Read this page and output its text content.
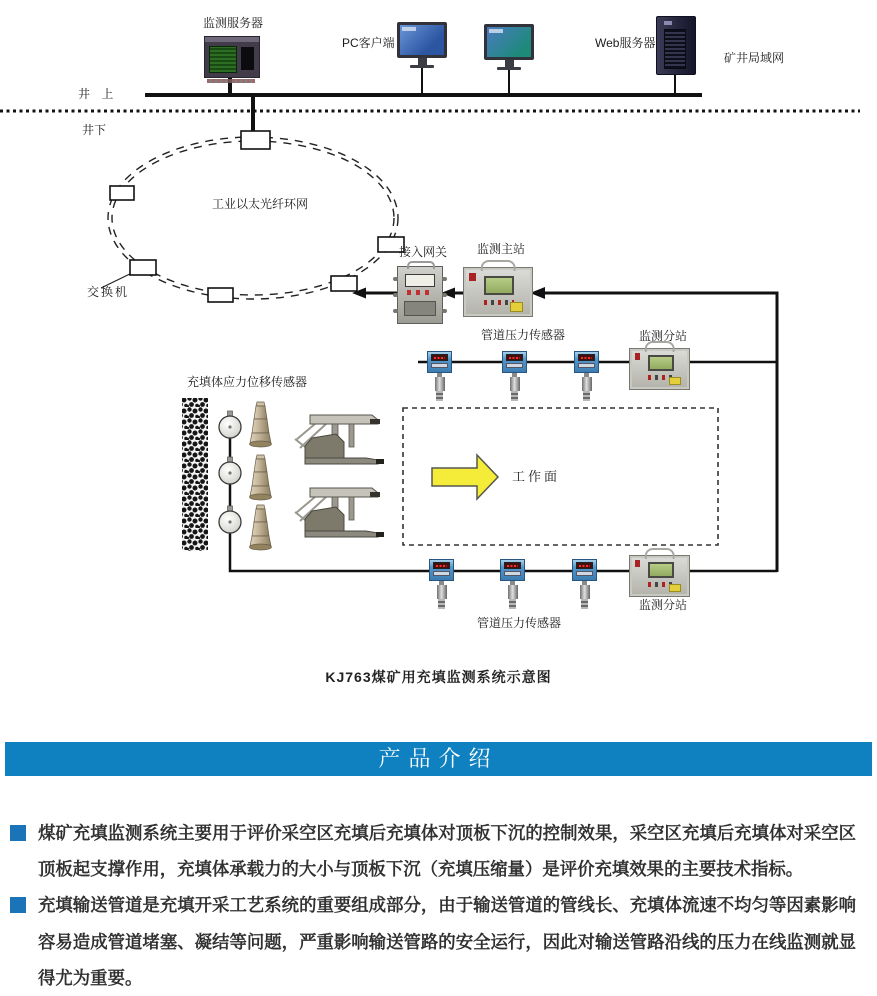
井 上
井下
监测服务器
PC客户端	Web服务器
矿井局域网
工业以太光纤环网
交换机
接入网关 监测主站
监测分站
管道压力传感器
充填体应力位移传感器
工作面
监测分站
管道压力传感器
KJ763煤矿用充填监测系统示意图
产品介绍
煤矿充填监测系统主要用于评价采空区充填后充填体对顶板下沉的控制效果，采空区充填后充填体对采空区顶板起支撑作用，充填体承载力的大小与顶板下沉（充填压缩量）是评价充填效果的主要技术指标。
充填输送管道是充填开采工艺系统的重要组成部分，由于输送管道的管线长、充填体流速不均匀等因素影响容易造成管道堵塞、凝结等问题，严重影响输送管路的安全运行，因此对输送管路沿线的压力在线监测就显得尤为重要。
